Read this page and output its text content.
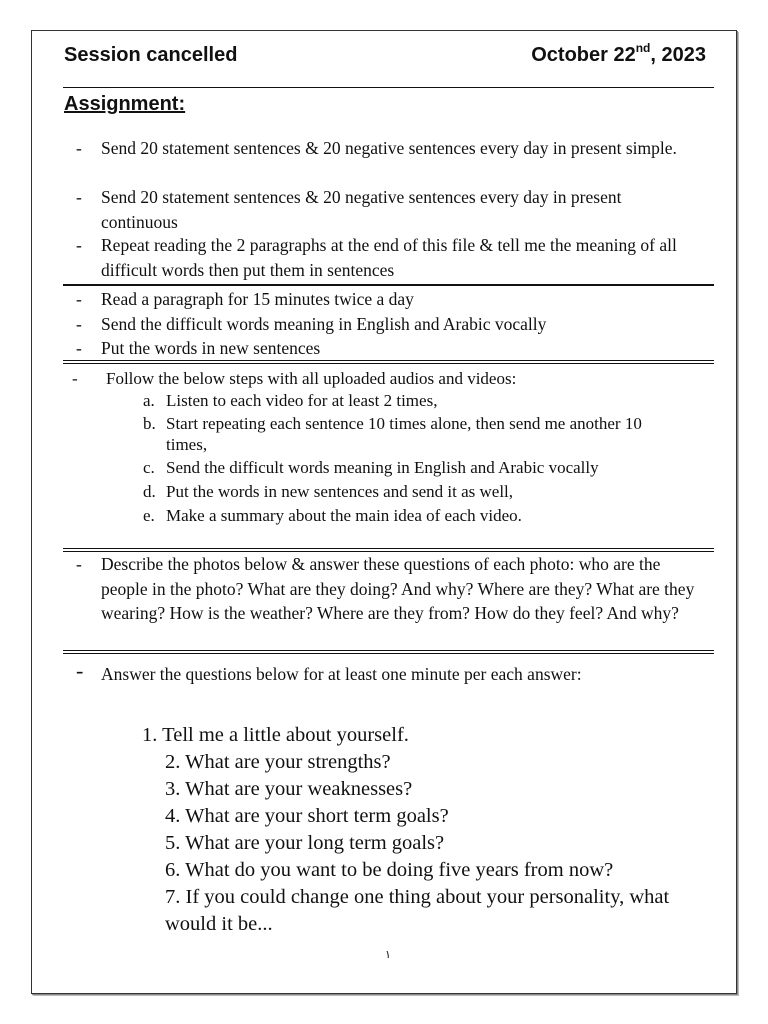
Session cancelled	October 22nd, 2023
Assignment:
- Send 20 statement sentences & 20 negative sentences every day in present simple.
- Send 20 statement sentences & 20 negative sentences every day in present continuous
- Repeat reading the 2 paragraphs at the end of this file & tell me the meaning of all difficult words then put them in sentences
- Read a paragraph for 15 minutes twice a day
- Send the difficult words meaning in English and Arabic vocally
- Put the words in new sentences
- Follow the below steps with all uploaded audios and videos:
a. Listen to each video for at least 2 times,
b. Start repeating each sentence 10 times alone, then send me another 10 times,
c. Send the difficult words meaning in English and Arabic vocally
d. Put the words in new sentences and send it as well,
e. Make a summary about the main idea of each video.
- Describe the photos below & answer these questions of each photo: who are the people in the photo? What are they doing? And why? Where are they? What are they wearing? How is the weather? Where are they from? How do they feel? And why?
- Answer the questions below for at least one minute per each answer:
1. Tell me a little about yourself.
2. What are your strengths?
3. What are your weaknesses?
4. What are your short term goals?
5. What are your long term goals?
6. What do you want to be doing five years from now?
7. If you could change one thing about your personality, what would it be...
١
